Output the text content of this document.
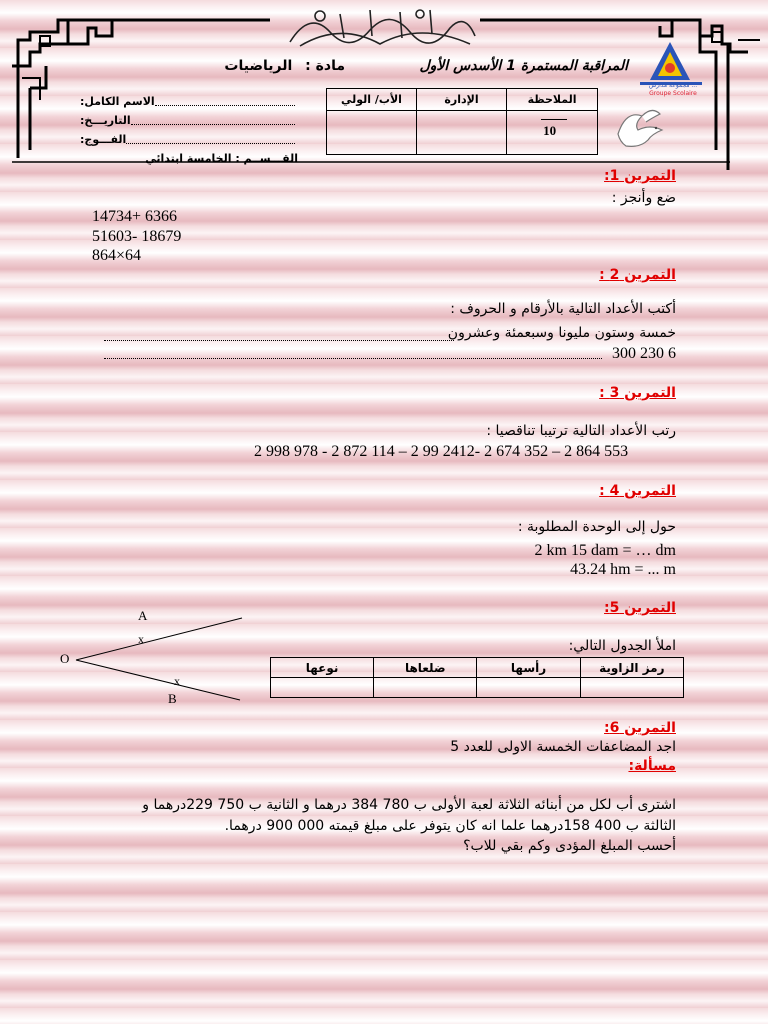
المراقبة المستمرة 1 الأسدس الأول
مادة : الرياضيات
مجموعة مدارس ...
Groupe Scolaire
الأب/ الولي	الإدارة	الملاحظة

		10
الاسم الكامل:
التاريـــخ:
الفـــوج:
القـــســم : الخامسة ابتدائي
التمرين 1:
ضع وأنجز :
14734+ 6366
51603- 18679
864×64
التمرين 2 :
أكتب الأعداد التالية بالأرقام و الحروف :
خمسة وستون مليونا وسبعمئة وعشرون
6 230 300
التمرين 3 :
رتب الأعداد التالية ترتيبا تناقصيا :
2 998 978 - 2 872 114 – 2 99 2412- 2 674 352 – 2 864 553
التمرين 4 :
حول إلى الوحدة المطلوبة :
2 km 15 dam = … dm
43.24 hm = ... m
التمرين 5:
A
O
B
x
x
املأ الجدول التالي:
نوعها	ضلعاها	رأسها	رمز الزاوية

التمرين 6:
اجد المضاعفات الخمسة الاولى للعدد 5
مسألة:
اشترى أب لكل من أبنائه الثلاثة لعبة الأولى ب 780 384 درهما و الثانية ب 750 229درهما و
الثالثة ب 400 158درهما علما انه كان يتوفر على مبلغ قيمته 000 900 درهما.
أحسب المبلغ المؤدى وكم بقي للاب؟
